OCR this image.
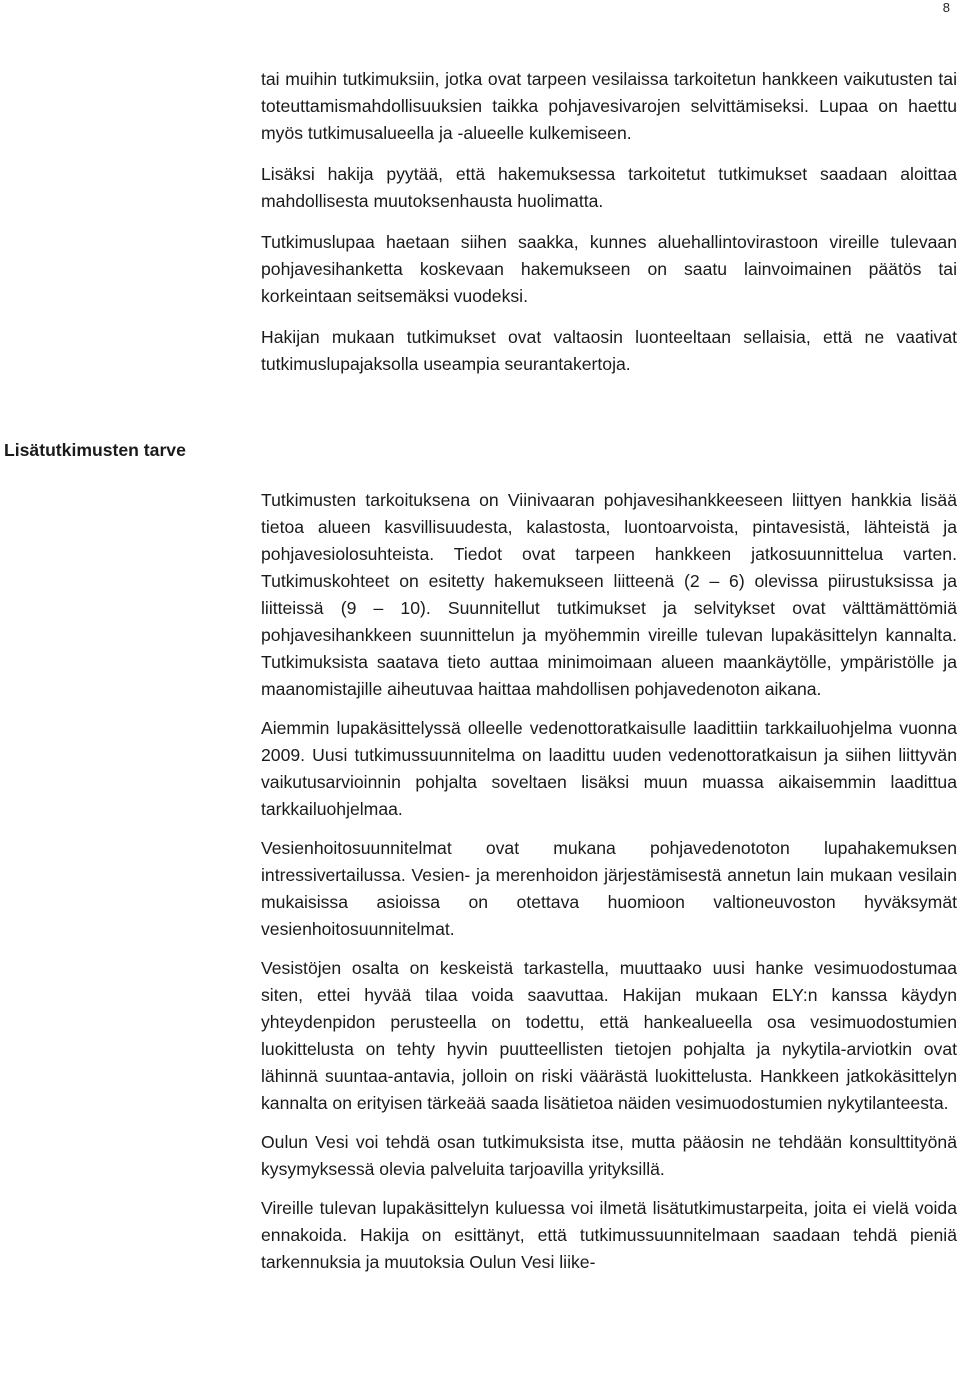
8

tai muihin tutkimuksiin, jotka ovat tarpeen vesilaissa tarkoitetun hankkeen vaikutusten tai toteuttamismahdollisuuksien taikka pohjavesivarojen selvittämiseksi. Lupaa on haettu myös tutkimusalueella ja -alueelle kulkemiseen.

Lisäksi hakija pyytää, että hakemuksessa tarkoitetut tutkimukset saadaan aloittaa mahdollisesta muutoksenhausta huolimatta.

Tutkimuslupaa haetaan siihen saakka, kunnes aluehallintovirastoon vireille tulevaan pohjavesihanketta koskevaan hakemukseen on saatu lainvoimainen päätös tai korkeintaan seitsemäksi vuodeksi.

Hakijan mukaan tutkimukset ovat valtaosin luonteeltaan sellaisia, että ne vaativat tutkimuslupajaksolla useampia seurantakertoja.

Lisätutkimusten tarve

Tutkimusten tarkoituksena on Viinivaaran pohjavesihankkeeseen liittyen hankkia lisää tietoa alueen kasvillisuudesta, kalastosta, luontoarvoista, pintavesistä, lähteistä ja pohjavesiolosuhteista. Tiedot ovat tarpeen hankkeen jatkosuunnittelua varten. Tutkimuskohteet on esitetty hakemukseen liitteenä (2 – 6) olevissa piirustuksissa ja liitteissä (9 – 10). Suunnitellut tutkimukset ja selvitykset ovat välttämättömiä pohjavesihankkeen suunnittelun ja myöhemmin vireille tulevan lupakäsittelyn kannalta. Tutkimuksista saatava tieto auttaa minimoimaan alueen maankäytölle, ympäristölle ja maanomistajille aiheutuvaa haittaa mahdollisen pohjavedenoton aikana.

Aiemmin lupakäsittelyssä olleelle vedenottoratkaisulle laadittiin tarkkailuohjelma vuonna 2009. Uusi tutkimussuunnitelma on laadittu uuden vedenottoratkaisun ja siihen liittyvän vaikutusarvioinnin pohjalta soveltaen lisäksi muun muassa aikaisemmin laadittua tarkkailuohjelmaa.

Vesienhoitosuunnitelmat ovat mukana pohjavedenototon lupahakemuksen intressivertailussa. Vesien- ja merenhoidon järjestämisestä annetun lain mukaan vesilain mukaisissa asioissa on otettava huomioon valtioneuvoston hyväksymät vesienhoitosuunnitelmat.

Vesistöjen osalta on keskeistä tarkastella, muuttaako uusi hanke vesimuodostumaa siten, ettei hyvää tilaa voida saavuttaa. Hakijan mukaan ELY:n kanssa käydyn yhteydenpidon perusteella on todettu, että hankealueella osa vesimuodostumien luokittelusta on tehty hyvin puutteellisten tietojen pohjalta ja nykytila-arviotkin ovat lähinnä suuntaa-antavia, jolloin on riski väärästä luokittelusta. Hankkeen jatkokäsittelyn kannalta on erityisen tärkeää saada lisätietoa näiden vesimuodostumien nykytilanteesta.

Oulun Vesi voi tehdä osan tutkimuksista itse, mutta pääosin ne tehdään konsulttityönä kysymyksessä olevia palveluita tarjoavilla yrityksillä.

Vireille tulevan lupakäsittelyn kuluessa voi ilmetä lisätutkimustarpeita, joita ei vielä voida ennakoida. Hakija on esittänyt, että tutkimussuunnitelmaan saadaan tehdä pieniä tarkennuksia ja muutoksia Oulun Vesi liike-
